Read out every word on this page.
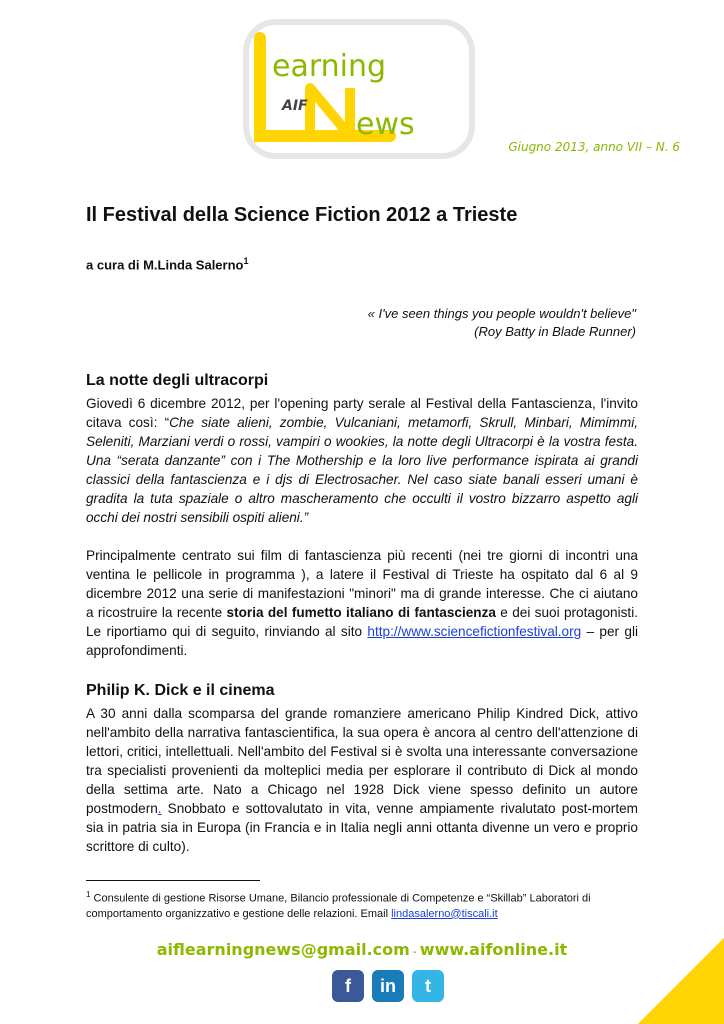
earning
ews
AIF
Giugno 2013, anno VII – N. 6
Il Festival della Science Fiction 2012 a Trieste
a cura di M.Linda Salerno$^1$
« I've seen things you people wouldn't believe"
(Roy Batty in Blade Runner)
La notte degli ultracorpi

Giovedì 6 dicembre 2012, per l'opening party serale al Festival della Fantascienza, l'invito citava così: “Che siate alieni, zombie, Vulcaniani, metamorfi, Skrull, Minbari, Mimimmi, Seleniti, Marziani verdi o rossi, vampiri o wookies, la notte degli Ultracorpi è la vostra festa. Una “serata danzante” con i The Mothership e la loro live performance ispirata ai grandi classici della fantascienza e i djs di Electrosacher. Nel caso siate banali esseri umani è gradita la tuta spaziale o altro mascheramento che occulti il vostro bizzarro aspetto agli occhi dei nostri sensibili ospiti alieni.”

Principalmente centrato sui film di fantascienza più recenti (nei tre giorni di incontri una ventina le pellicole in programma ), a latere il Festival di Trieste ha ospitato dal 6 al 9 dicembre 2012 una serie di manifestazioni "minori" ma di grande interesse. Che ci aiutano a ricostruire la recente storia del fumetto italiano di fantascienza e dei suoi protagonisti. Le riportiamo qui di seguito, rinviando al sito http://www.sciencefictionfestival.org – per gli approfondimenti.

Philip K. Dick e il cinema

A 30 anni dalla scomparsa del grande romanziere americano Philip Kindred Dick, attivo nell'ambito della narrativa fantascientifica, la sua opera è ancora al centro dell'attenzione di lettori, critici, intellettuali. Nell'ambito del Festival si è svolta una interessante conversazione tra specialisti provenienti da molteplici media per esplorare il contributo di Dick al mondo della settima arte. Nato a Chicago nel 1928 Dick viene spesso definito un autore postmodern. Snobbato e sottovalutato in vita, venne ampiamente rivalutato post-mortem sia in patria sia in Europa (in Francia e in Italia negli anni ottanta divenne un vero e proprio scrittore di culto).

$^1$ Consulente di gestione Risorse Umane, Bilancio professionale di Competenze e “Skillab” Laboratori di comportamento organizzativo e gestione delle relazioni. Email lindasalerno@tiscali.it
aiflearningnews@gmail.com - www.aifonline.it
f	in	t
